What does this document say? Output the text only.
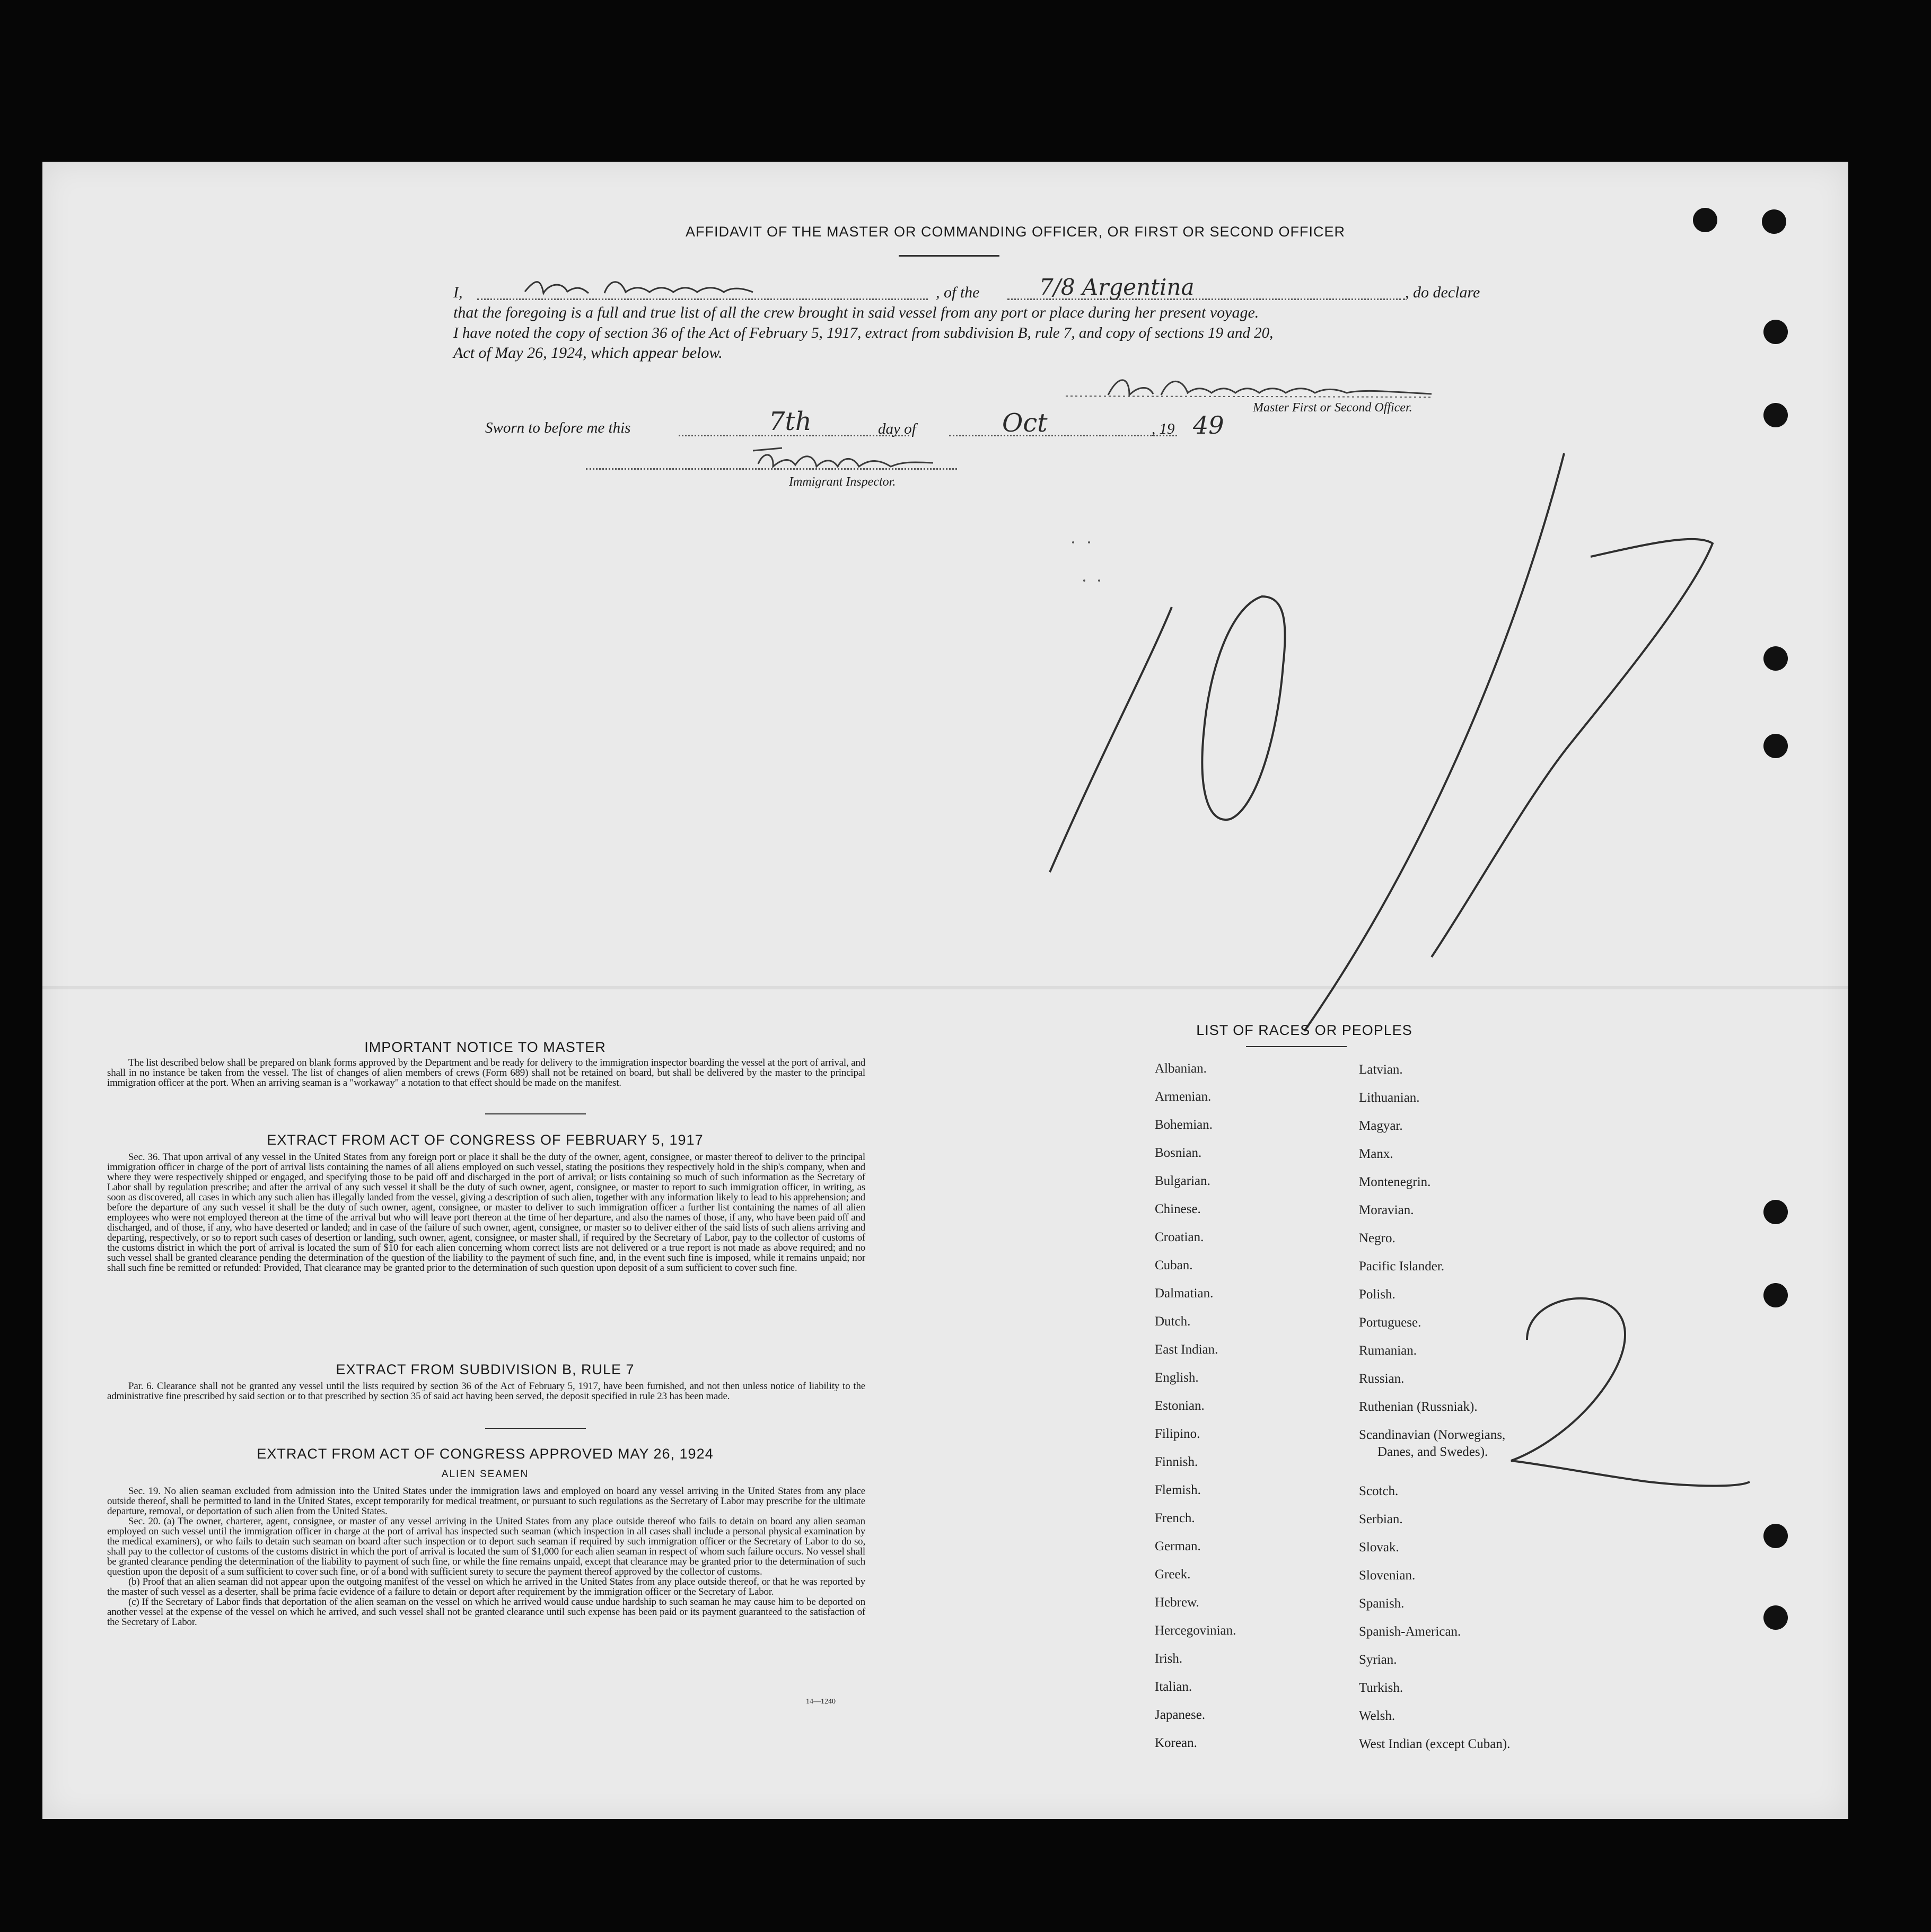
AFFIDAVIT OF THE MASTER OR COMMANDING OFFICER, OR FIRST OR SECOND OFFICER
I,	, of the	7/8 Argentina	, do declare
that the foregoing is a full and true list of all the crew brought in said vessel from any port or place during her present voyage.
I have noted the copy of section 36 of the Act of February 5, 1917, extract from subdivision B, rule 7, and copy of sections 19 and 20,
Act of May 26, 1924, which appear below.
Master First or Second Officer.
Sworn to before me this	7th	day of	Oct	, 19 49
Immigrant Inspector.
IMPORTANT NOTICE TO MASTER

The list described below shall be prepared on blank forms approved by the Department and be ready for delivery to the immigration inspector boarding the vessel at the port of arrival, and shall in no instance be taken from the vessel. The list of changes of alien members of crews (Form 689) shall not be retained on board, but shall be delivered by the master to the principal immigration officer at the port. When an arriving seaman is a "workaway" a notation to that effect should be made on the manifest.

EXTRACT FROM ACT OF CONGRESS OF FEBRUARY 5, 1917

Sec. 36. That upon arrival of any vessel in the United States from any foreign port or place it shall be the duty of the owner, agent, consignee, or master thereof to deliver to the principal immigration officer in charge of the port of arrival lists containing the names of all aliens employed on such vessel, stating the positions they respectively hold in the ship's company, when and where they were respectively shipped or engaged, and specifying those to be paid off and discharged in the port of arrival; or lists containing so much of such information as the Secretary of Labor shall by regulation prescribe; and after the arrival of any such vessel it shall be the duty of such owner, agent, consignee, or master to report to such immigration officer, in writing, as soon as discovered, all cases in which any such alien has illegally landed from the vessel, giving a description of such alien, together with any information likely to lead to his apprehension; and before the departure of any such vessel it shall be the duty of such owner, agent, consignee, or master to deliver to such immigration officer a further list containing the names of all alien employees who were not employed thereon at the time of the arrival but who will leave port thereon at the time of her departure, and also the names of those, if any, who have been paid off and discharged, and of those, if any, who have deserted or landed; and in case of the failure of such owner, agent, consignee, or master so to deliver either of the said lists of such aliens arriving and departing, respectively, or so to report such cases of desertion or landing, such owner, agent, consignee, or master shall, if required by the Secretary of Labor, pay to the collector of customs of the customs district in which the port of arrival is located the sum of $10 for each alien concerning whom correct lists are not delivered or a true report is not made as above required; and no such vessel shall be granted clearance pending the determination of the question of the liability to the payment of such fine, and, in the event such fine is imposed, while it remains unpaid; nor shall such fine be remitted or refunded: Provided, That clearance may be granted prior to the determination of such question upon deposit of a sum sufficient to cover such fine.

EXTRACT FROM SUBDIVISION B, RULE 7

Par. 6. Clearance shall not be granted any vessel until the lists required by section 36 of the Act of February 5, 1917, have been furnished, and not then unless notice of liability to the administrative fine prescribed by said section or to that prescribed by section 35 of said act having been served, the deposit specified in rule 23 has been made.

EXTRACT FROM ACT OF CONGRESS APPROVED MAY 26, 1924
ALIEN SEAMEN

Sec. 19. No alien seaman excluded from admission into the United States under the immigration laws and employed on board any vessel arriving in the United States from any place outside thereof, shall be permitted to land in the United States, except temporarily for medical treatment, or pursuant to such regulations as the Secretary of Labor may prescribe for the ultimate departure, removal, or deportation of such alien from the United States.

Sec. 20. (a) The owner, charterer, agent, consignee, or master of any vessel arriving in the United States from any place outside thereof who fails to detain on board any alien seaman employed on such vessel until the immigration officer in charge at the port of arrival has inspected such seaman (which inspection in all cases shall include a personal physical examination by the medical examiners), or who fails to detain such seaman on board after such inspection or to deport such seaman if required by such immigration officer or the Secretary of Labor to do so, shall pay to the collector of customs of the customs district in which the port of arrival is located the sum of $1,000 for each alien seaman in respect of whom such failure occurs. No vessel shall be granted clearance pending the determination of the liability to payment of such fine, or while the fine remains unpaid, except that clearance may be granted prior to the determination of such question upon the deposit of a sum sufficient to cover such fine, or of a bond with sufficient surety to secure the payment thereof approved by the collector of customs.

(b) Proof that an alien seaman did not appear upon the outgoing manifest of the vessel on which he arrived in the United States from any place outside thereof, or that he was reported by the master of such vessel as a deserter, shall be prima facie evidence of a failure to detain or deport after requirement by the immigration officer or the Secretary of Labor.

(c) If the Secretary of Labor finds that deportation of the alien seaman on the vessel on which he arrived would cause undue hardship to such seaman he may cause him to be deported on another vessel at the expense of the vessel on which he arrived, and such vessel shall not be granted clearance until such expense has been paid or its payment guaranteed to the satisfaction of the Secretary of Labor.

14—1240
LIST OF RACES OR PEOPLES
Albanian.
Armenian.
Bohemian.
Bosnian.
Bulgarian.
Chinese.
Croatian.
Cuban.
Dalmatian.
Dutch.
East Indian.
English.
Estonian.
Filipino.
Finnish.
Flemish.
French.
German.
Greek.
Hebrew.
Hercegovinian.
Irish.
Italian.
Japanese.
Korean.
Latvian.
Lithuanian.
Magyar.
Manx.
Montenegrin.
Moravian.
Negro.
Pacific Islander.
Polish.
Portuguese.
Rumanian.
Russian.
Ruthenian (Russniak).
Scandinavian (Norwegians,
Danes, and Swedes).
Scotch.
Serbian.
Slovak.
Slovenian.
Spanish.
Spanish-American.
Syrian.
Turkish.
Welsh.
West Indian (except Cuban).
